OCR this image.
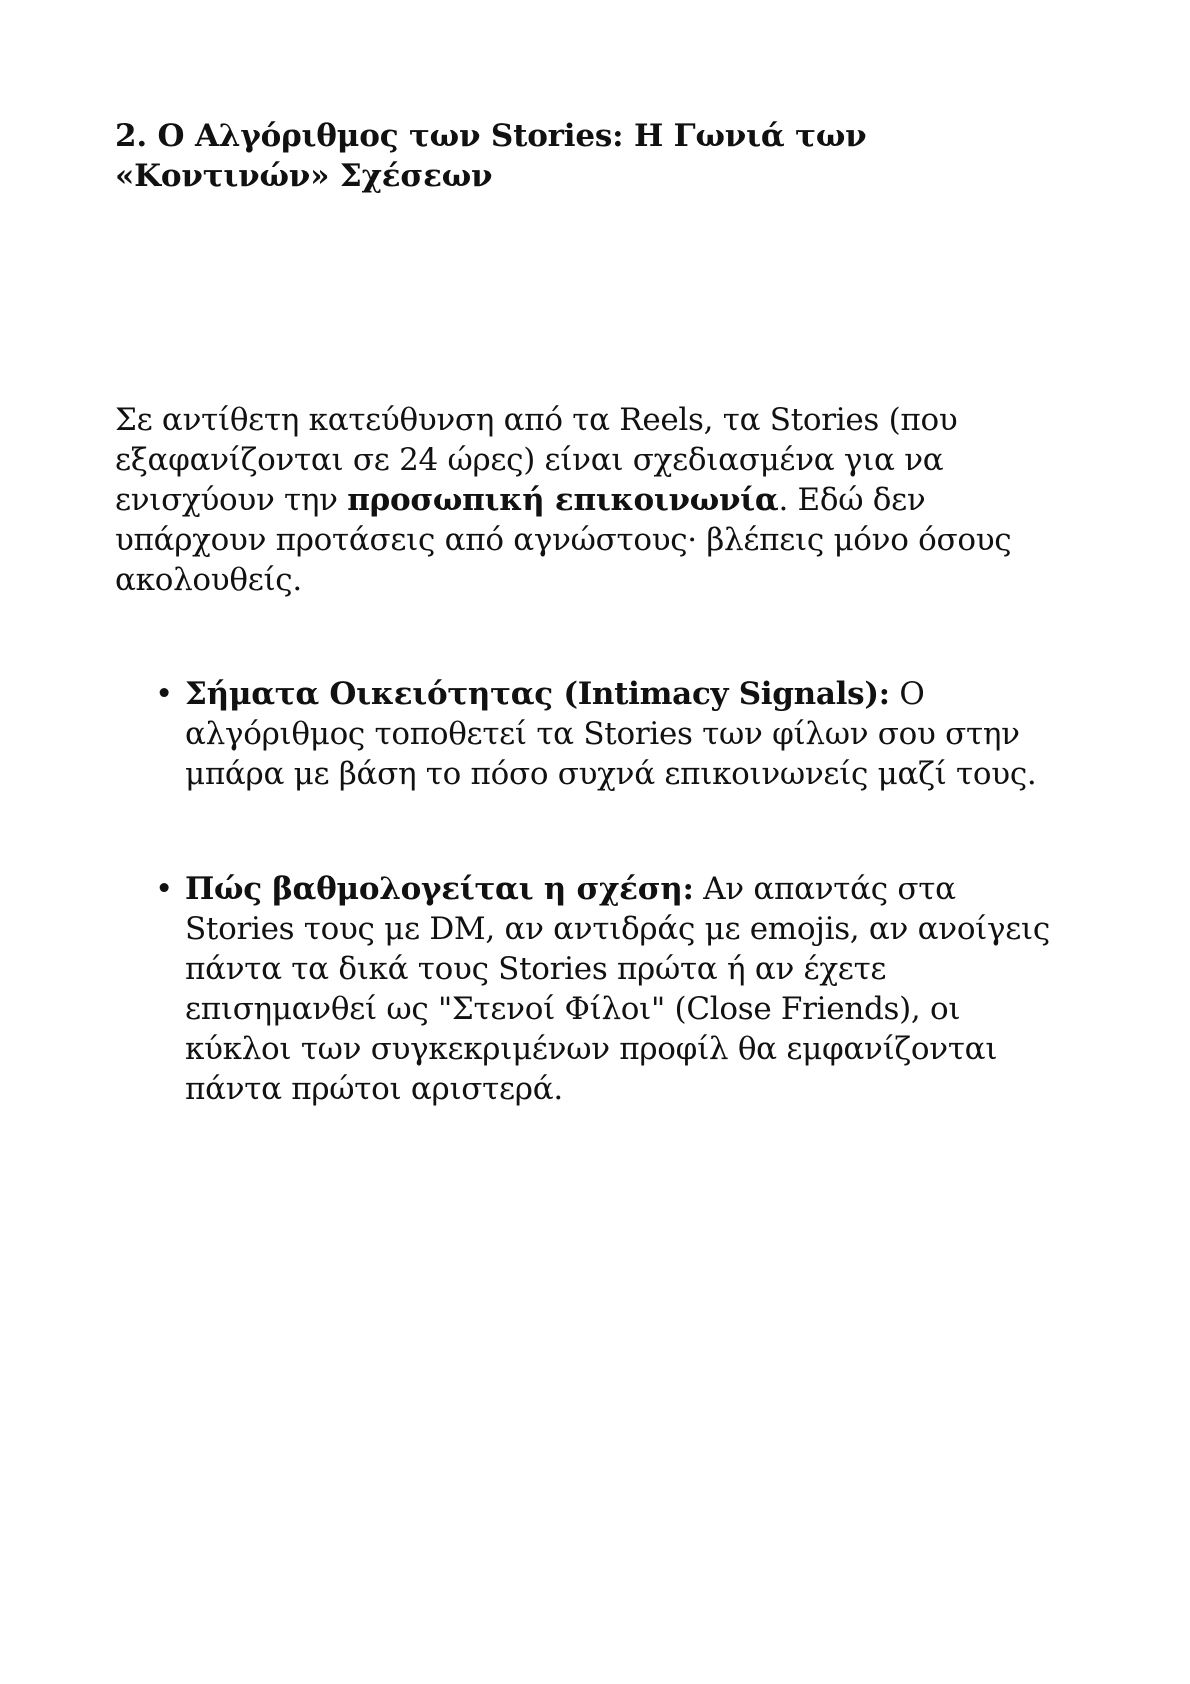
2. Ο Αλγόριθμος των Stories: Η Γωνιά των
«Κοντινών» Σχέσεων

Σε αντίθετη κατεύθυνση από τα Reels, τα Stories (που
εξαφανίζονται σε 24 ώρες) είναι σχεδιασμένα για να
ενισχύουν την προσωπική επικοινωνία. Εδώ δεν
υπάρχουν προτάσεις από αγνώστους· βλέπεις μόνο όσους
ακολουθείς.

• Σήματα Οικειότητας (Intimacy Signals): Ο
αλγόριθμος τοποθετεί τα Stories των φίλων σου στην
μπάρα με βάση το πόσο συχνά επικοινωνείς μαζί τους.
• Πώς βαθμολογείται η σχέση: Αν απαντάς στα
Stories τους με DM, αν αντιδράς με emojis, αν ανοίγεις
πάντα τα δικά τους Stories πρώτα ή αν έχετε
επισημανθεί ως "Στενοί Φίλοι" (Close Friends), οι
κύκλοι των συγκεκριμένων προφίλ θα εμφανίζονται
πάντα πρώτοι αριστερά.
